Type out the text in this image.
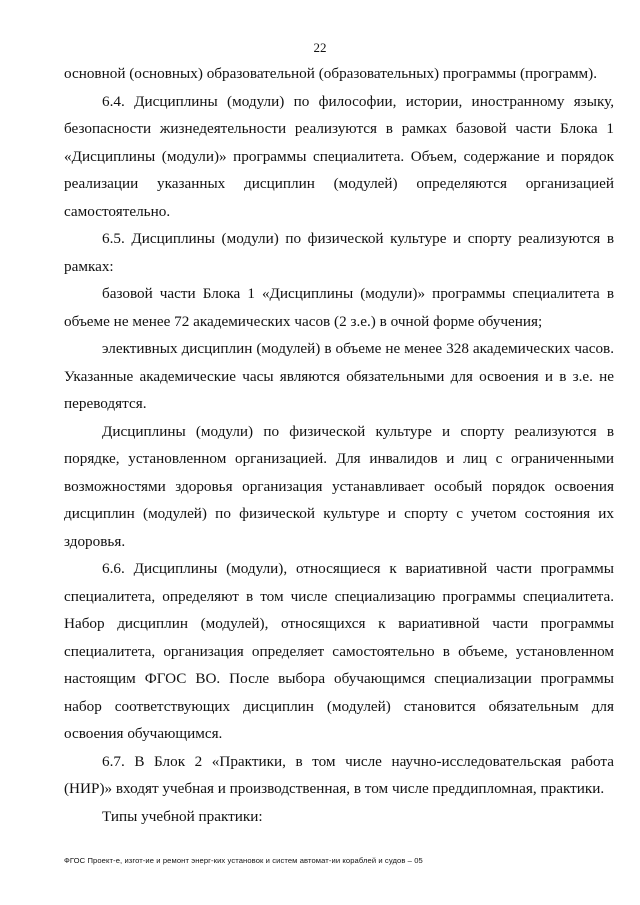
22

основной (основных) образовательной (образовательных) программы (программ).

6.4. Дисциплины (модули) по философии, истории, иностранному языку, безопасности жизнедеятельности реализуются в рамках базовой части Блока 1 «Дисциплины (модули)» программы специалитета. Объем, содержание и порядок реализации указанных дисциплин (модулей) определяются организацией самостоятельно.

6.5. Дисциплины (модули) по физической культуре и спорту реализуются в рамках:

базовой части Блока 1 «Дисциплины (модули)» программы специалитета в объеме не менее 72 академических часов (2 з.е.) в очной форме обучения;

элективных дисциплин (модулей) в объеме не менее 328 академических часов. Указанные академические часы являются обязательными для освоения и в з.е. не переводятся.

Дисциплины (модули) по физической культуре и спорту реализуются в порядке, установленном организацией. Для инвалидов и лиц с ограниченными возможностями здоровья организация устанавливает особый порядок освоения дисциплин (модулей) по физической культуре и спорту с учетом состояния их здоровья.

6.6. Дисциплины (модули), относящиеся к вариативной части программы специалитета, определяют в том числе специализацию программы специалитета. Набор дисциплин (модулей), относящихся к вариативной части программы специалитета, организация определяет самостоятельно в объеме, установленном настоящим ФГОС ВО. После выбора обучающимся специализации программы набор соответствующих дисциплин (модулей) становится обязательным для освоения обучающимся.

6.7. В Блок 2 «Практики, в том числе научно-исследовательская работа (НИР)» входят учебная и производственная, в том числе преддипломная, практики.

Типы учебной практики:

ФГОС Проект-е, изгот-ие и ремонт энерг-ких установок и систем автомат-ии кораблей и судов – 05
